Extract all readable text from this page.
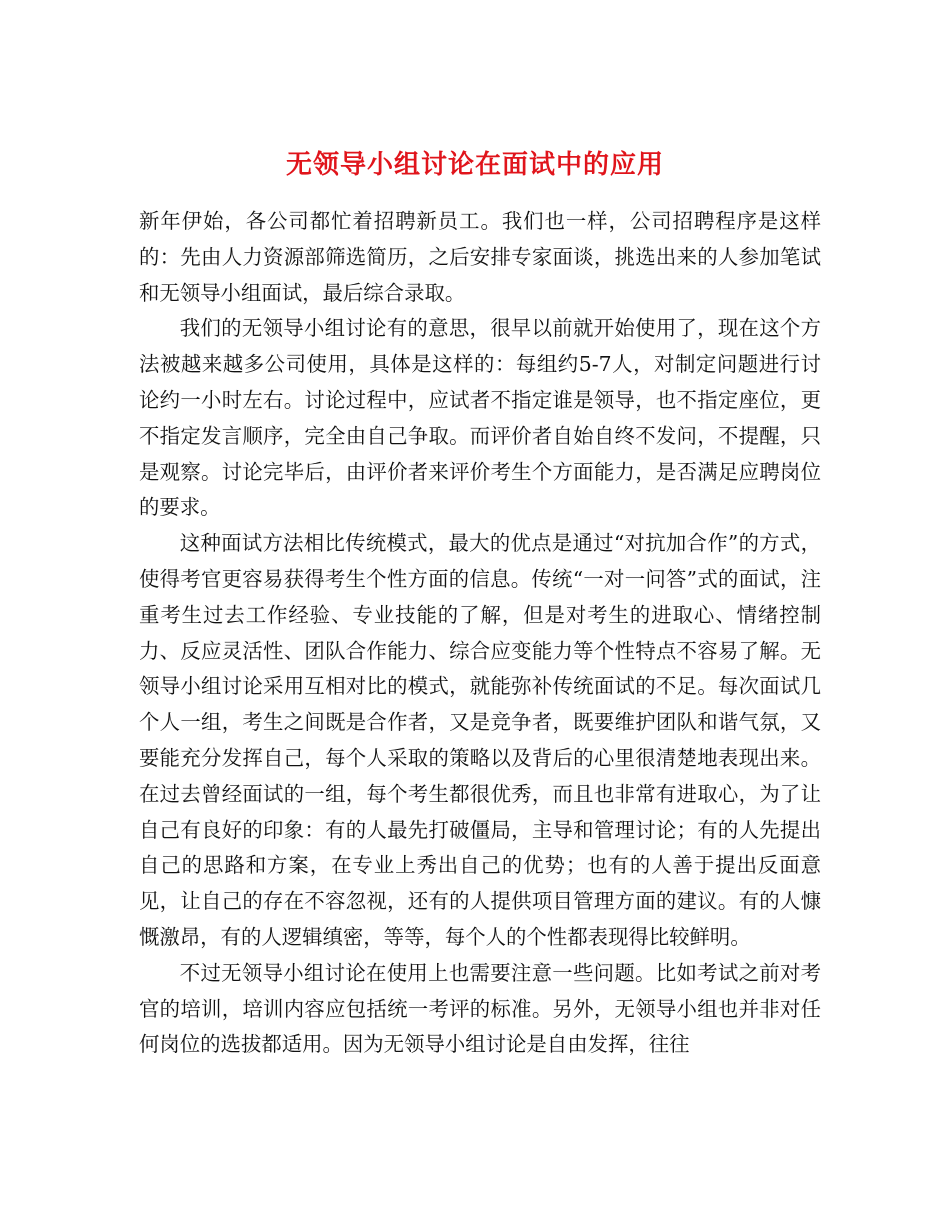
无领导小组讨论在面试中的应用

新年伊始，各公司都忙着招聘新员工。我们也一样，公司招聘程序是这样的：先由人力资源部筛选简历，之后安排专家面谈，挑选出来的人参加笔试和无领导小组面试，最后综合录取。

我们的无领导小组讨论有的意思，很早以前就开始使用了，现在这个方法被越来越多公司使用，具体是这样的：每组约5-7人，对制定问题进行讨论约一小时左右。讨论过程中，应试者不指定谁是领导，也不指定座位，更不指定发言顺序，完全由自己争取。而评价者自始自终不发问，不提醒，只是观察。讨论完毕后，由评价者来评价考生个方面能力，是否满足应聘岗位的要求。

这种面试方法相比传统模式，最大的优点是通过“对抗加合作”的方式，使得考官更容易获得考生个性方面的信息。传统“一对一问答”式的面试，注重考生过去工作经验、专业技能的了解，但是对考生的进取心、情绪控制力、反应灵活性、团队合作能力、综合应变能力等个性特点不容易了解。无领导小组讨论采用互相对比的模式，就能弥补传统面试的不足。每次面试几个人一组，考生之间既是合作者，又是竞争者，既要维护团队和谐气氛，又要能充分发挥自己，每个人采取的策略以及背后的心里很清楚地表现出来。在过去曾经面试的一组，每个考生都很优秀，而且也非常有进取心，为了让自己有良好的印象：有的人最先打破僵局，主导和管理讨论；有的人先提出自己的思路和方案，在专业上秀出自己的优势；也有的人善于提出反面意见，让自己的存在不容忽视，还有的人提供项目管理方面的建议。有的人慷慨激昂，有的人逻辑缜密，等等，每个人的个性都表现得比较鲜明。

不过无领导小组讨论在使用上也需要注意一些问题。比如考试之前对考官的培训，培训内容应包括统一考评的标准。另外，无领导小组也并非对任何岗位的选拔都适用。因为无领导小组讨论是自由发挥，往往
